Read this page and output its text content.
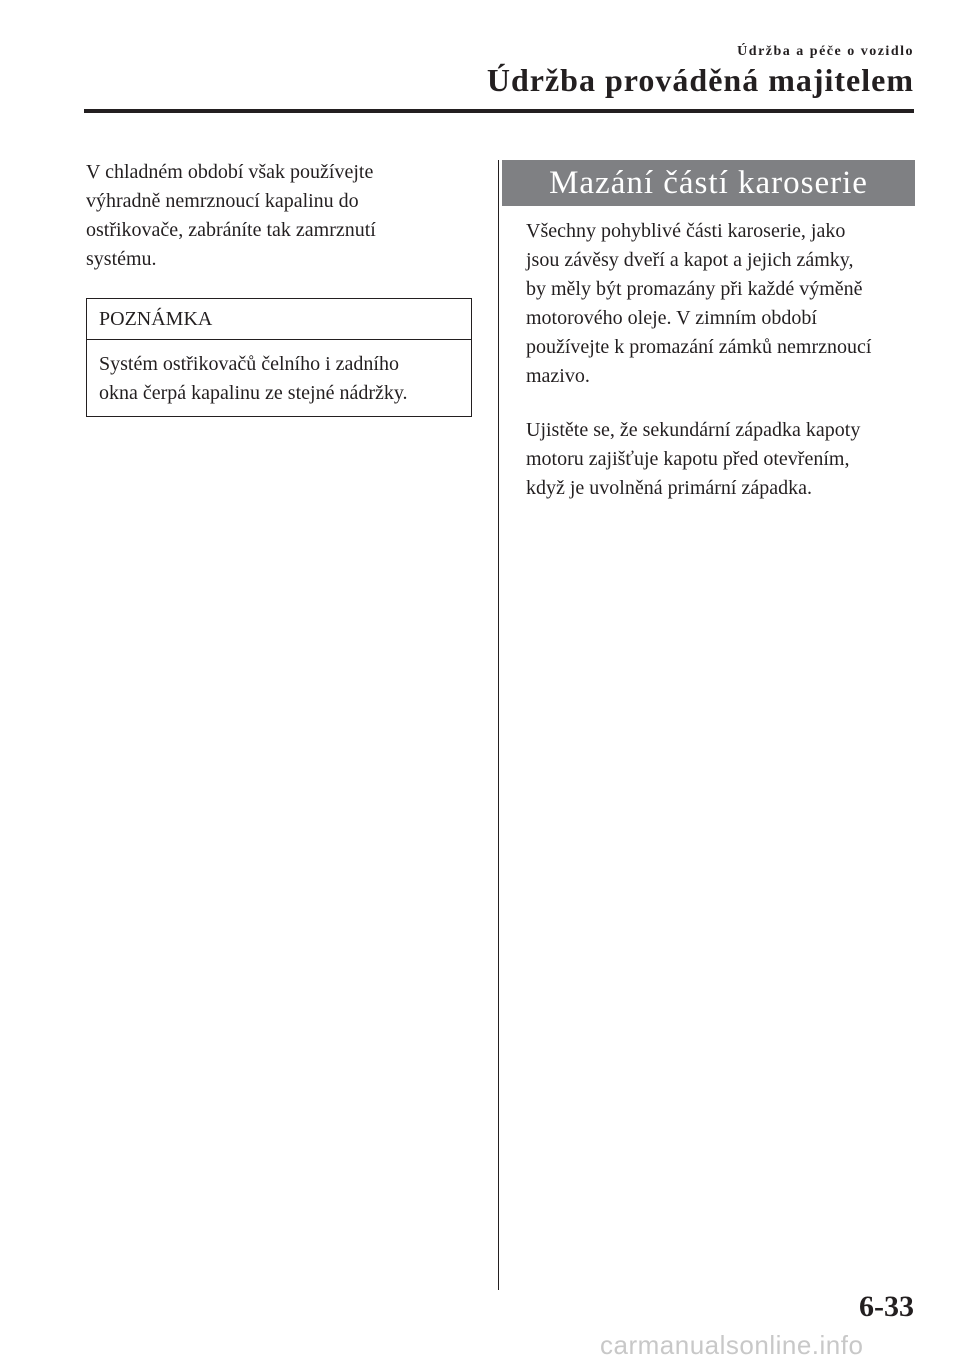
Údržba a péče o vozidlo
Údržba prováděná majitelem

V chladném období však používejte
výhradně nemrznoucí kapalinu do
ostřikovače, zabráníte tak zamrznutí
systému.

POZNÁMKA
Systém ostřikovačů čelního i zadního
okna čerpá kapalinu ze stejné nádržky.
Mazání částí karoserie

Všechny pohyblivé části karoserie, jako
jsou závěsy dveří a kapot a jejich zámky,
by měly být promazány při každé výměně
motorového oleje. V zimním období
používejte k promazání zámků nemrznoucí
mazivo.

Ujistěte se, že sekundární západka kapoty
motoru zajišťuje kapotu před otevřením,
když je uvolněná primární západka.

6-33
carmanualsonline.info
